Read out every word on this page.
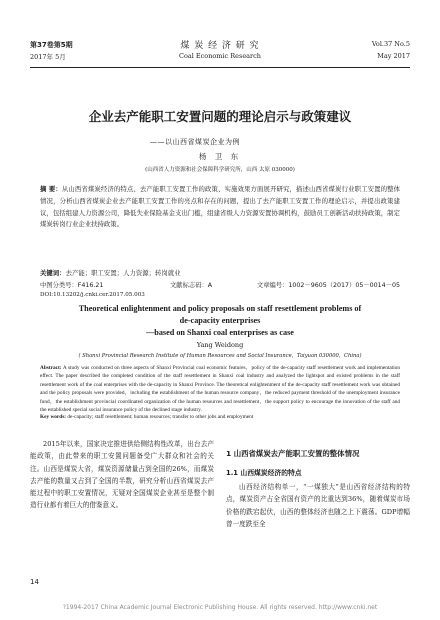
第37卷第5期
2017年 5月
煤 炭 经 济 研 究
Coal Economic Research
Vol.37 No.5
May 2017
企业去产能职工安置问题的理论启示与政策建议
——以山西省煤炭企业为例
杨 卫 东
(山西省人力资源和社会保障科学研究所，山西 太原 030000)
摘 要：从山西省煤炭经济的特点、去产能职工安置工作的政策、实施效果方面展开研究，描述山西省煤炭行业职工安置的整体情况，分析山西省煤炭企业去产能职工安置工作的亮点和存在的问题，提出了去产能职工安置工作的理论启示，并提出政策建议，包括组建人力资源公司，降低失业保险基金支出门槛，组建省级人力资源安置协调机构，鼓励员工创新活动扶持政策，制定煤炭转岗行业企业扶持政策。
关键词：去产能；职工安置；人力资源；转岗就业
中图分类号：F416.21	文献标志码：A	文章编号：1002－9605（2017）05－0014－05
DOI:10.13202/j.cnki.cer.2017.05.003
Theoretical enlightenment and policy proposals on staff resettlement problems of
de-capacity enterprises
—based on Shanxi coal enterprises as case
Yang Weidong
( Shanxi Provincial Research Institute of Human Resources and Social Insurance，Taiyuan 030000，China)
Abstract: A study was conducted on three aspects of Shanxi Provincial coal economic features，policy of the de-capacity staff resettlement work and implementation effect. The paper described the completed condition of the staff resettlement in Shanxi coal industry and analyzed the lightspot and existed problems in the staff resettlement work of the coal enterprises with the de-capacity in Shanxi Province. The theoretical enlightenment of the de-capacity staff resettlement work was obtained and the policy proposals were provided，including the establishment of the human resource company，the reduced payment threshold of the unemployment insurance fund，the establishment provincial coordinated organization of the human resources and resettlement，the support policy to encourage the innovation of the staff and the established special social insurance policy of the declined stage industry.
Key words: de-capacity; staff resettlement; human resources; transfer to other jobs and employment
2015年以来，国家决定推进供给侧结构性改革，出台去产能政策，由此带来的职工安置问题备受广大群众和社会的关注。山西是煤炭大省，煤炭资源储量占到全国的26%，而煤炭去产能的数量又占到了全国的半数，研究分析山西省煤炭去产能过程中的职工安置情况，无疑对全国煤炭企业甚至是整个制造行业都有着巨大的借鉴意义。
1 山西省煤炭去产能职工安置的整体情况
1.1 山西煤炭经济的特点

山西经济结构单一，“一煤独大”是山西省经济结构的特点，煤炭资产占全省国有资产的比重达到36%，随着煤炭市场价格的跌宕起伏，山西的整体经济也随之上下震荡。GDP增幅曾一度跌至全

14
?1994-2017 China Academic Journal Electronic Publishing House. All rights reserved. http://www.cnki.net
